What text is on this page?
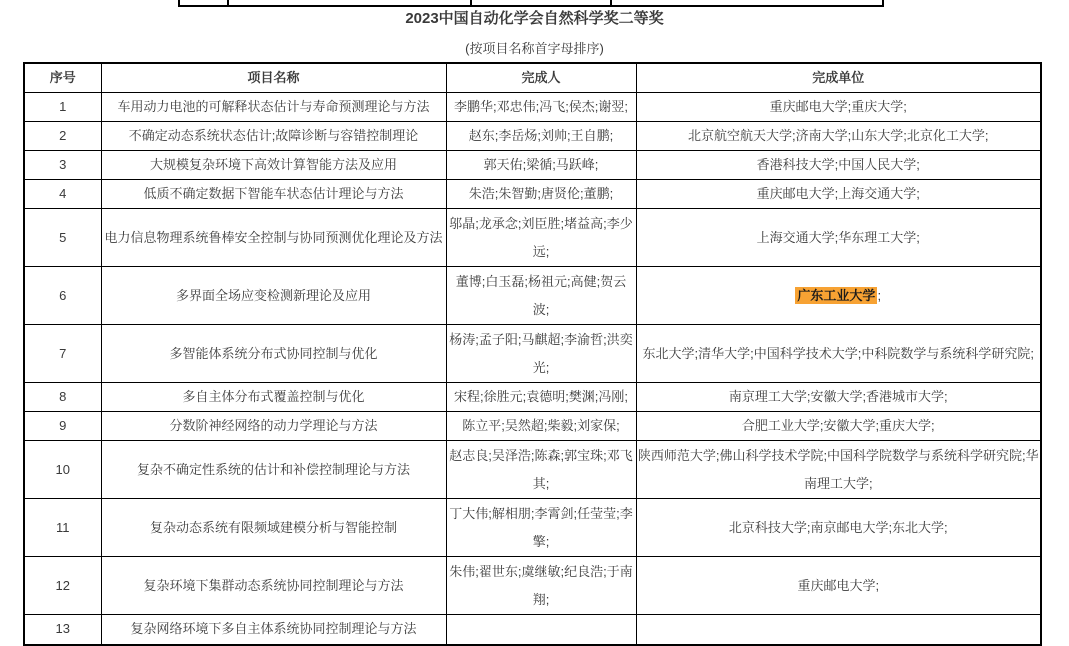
2023中国自动化学会自然科学奖二等奖
(按项目名称首字母排序)
序号	项目名称	完成人	完成单位
1	车用动力电池的可解释状态估计与寿命预测理论与方法	李鹏华;邓忠伟;冯飞;侯杰;谢翌;	重庆邮电大学;重庆大学;
2	不确定动态系统状态估计;故障诊断与容错控制理论	赵东;李岳炀;刘帅;王自鹏;	北京航空航天大学;济南大学;山东大学;北京化工大学;
3	大规模复杂环境下高效计算智能方法及应用	郭天佑;梁循;马跃峰;	香港科技大学;中国人民大学;
4	低质不确定数据下智能车状态估计理论与方法	朱浩;朱智勤;唐贤伦;董鹏;	重庆邮电大学;上海交通大学;
5	电力信息物理系统鲁棒安全控制与协同预测优化理论及方法	邬晶;龙承念;刘臣胜;堵益高;李少远;	上海交通大学;华东理工大学;
6	多界面全场应变检测新理论及应用	董博;白玉磊;杨祖元;高健;贺云波;	广东工业大学 ;
7	多智能体系统分布式协同控制与优化	杨涛;孟子阳;马麒超;李渝哲;洪奕光;	东北大学;清华大学;中国科学技术大学;中科院数学与系统科学研究院;
8	多自主体分布式覆盖控制与优化	宋程;徐胜元;袁德明;樊渊;冯刚;	南京理工大学;安徽大学;香港城市大学;
9	分数阶神经网络的动力学理论与方法	陈立平;吴然超;柴毅;刘家保;	合肥工业大学;安徽大学;重庆大学;
10	复杂不确定性系统的估计和补偿控制理论与方法	赵志良;吴泽浩;陈森;郭宝珠;邓飞其;	陕西师范大学;佛山科学技术学院;中国科学院数学与系统科学研究院;华南理工大学;
11	复杂动态系统有限频域建模分析与智能控制	丁大伟;解相朋;李霄剑;任莹莹;李擎;	北京科技大学;南京邮电大学;东北大学;
12	复杂环境下集群动态系统协同控制理论与方法	朱伟;翟世东;虞继敏;纪良浩;于南翔;	重庆邮电大学;
13	复杂网络环境下多自主体系统协同控制理论与方法		
